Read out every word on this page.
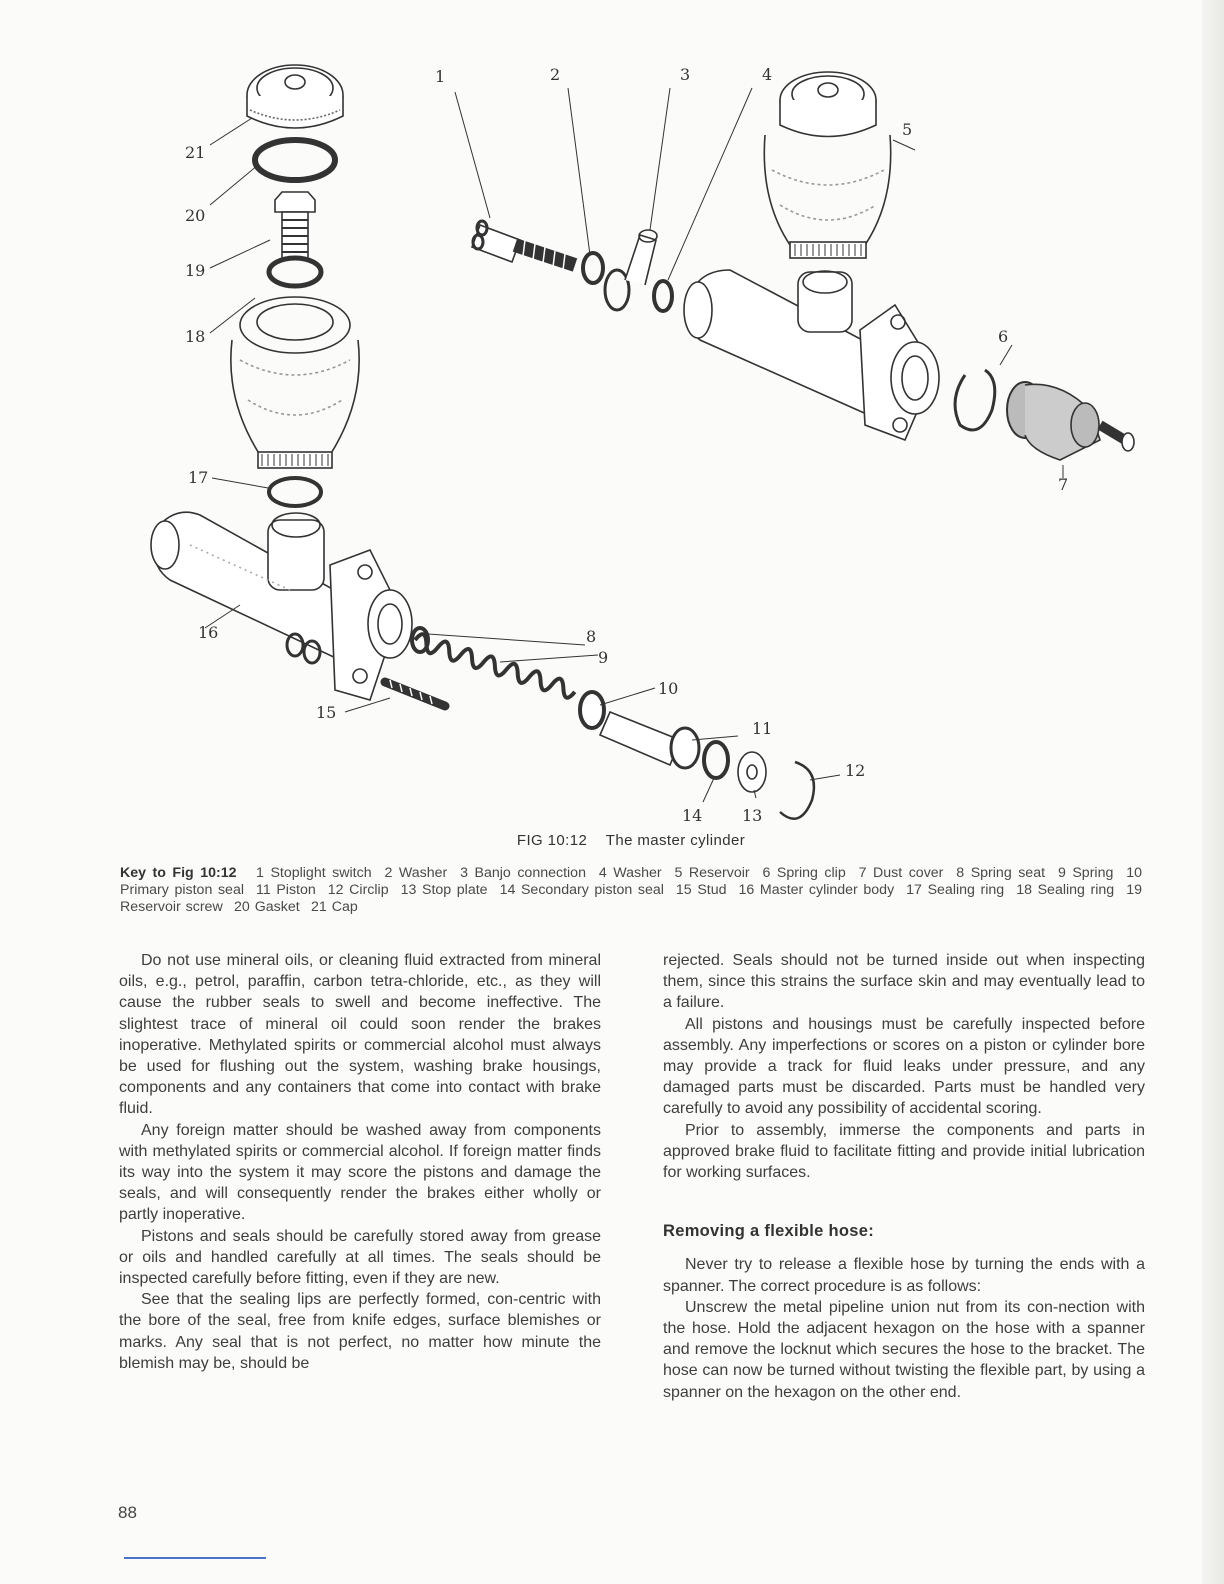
1	2	3	4
5
6
7
8
9
10
11
12
13
14
15
16
17
18
19
20
21
FIG 10:12 The master cylinder
Key to Fig 10:12 1 Stoplight switch 2 Washer 3 Banjo connection 4 Washer 5 Reservoir 6 Spring clip 7 Dust cover 8 Spring seat 9 Spring 10 Primary piston seal 11 Piston 12 Circlip 13 Stop plate 14 Secondary piston seal 15 Stud 16 Master cylinder body 17 Sealing ring 18 Sealing ring 19 Reservoir screw 20 Gasket 21 Cap

Do not use mineral oils, or cleaning fluid extracted from mineral oils, e.g., petrol, paraffin, carbon tetra-chloride, etc., as they will cause the rubber seals to swell and become ineffective. The slightest trace of mineral oil could soon render the brakes inoperative. Methylated spirits or commercial alcohol must always be used for flushing out the system, washing brake housings, components and any containers that come into contact with brake fluid.

Any foreign matter should be washed away from components with methylated spirits or commercial alcohol. If foreign matter finds its way into the system it may score the pistons and damage the seals, and will consequently render the brakes either wholly or partly inoperative.

Pistons and seals should be carefully stored away from grease or oils and handled carefully at all times. The seals should be inspected carefully before fitting, even if they are new.

See that the sealing lips are perfectly formed, con-centric with the bore of the seal, free from knife edges, surface blemishes or marks. Any seal that is not perfect, no matter how minute the blemish may be, should be

rejected. Seals should not be turned inside out when inspecting them, since this strains the surface skin and may eventually lead to a failure.

All pistons and housings must be carefully inspected before assembly. Any imperfections or scores on a piston or cylinder bore may provide a track for fluid leaks under pressure, and any damaged parts must be discarded. Parts must be handled very carefully to avoid any possibility of accidental scoring.

Prior to assembly, immerse the components and parts in approved brake fluid to facilitate fitting and provide initial lubrication for working surfaces.

Removing a flexible hose:

Never try to release a flexible hose by turning the ends with a spanner. The correct procedure is as follows:

Unscrew the metal pipeline union nut from its con-nection with the hose. Hold the adjacent hexagon on the hose with a spanner and remove the locknut which secures the hose to the bracket. The hose can now be turned without twisting the flexible part, by using a spanner on the hexagon on the other end.

88
